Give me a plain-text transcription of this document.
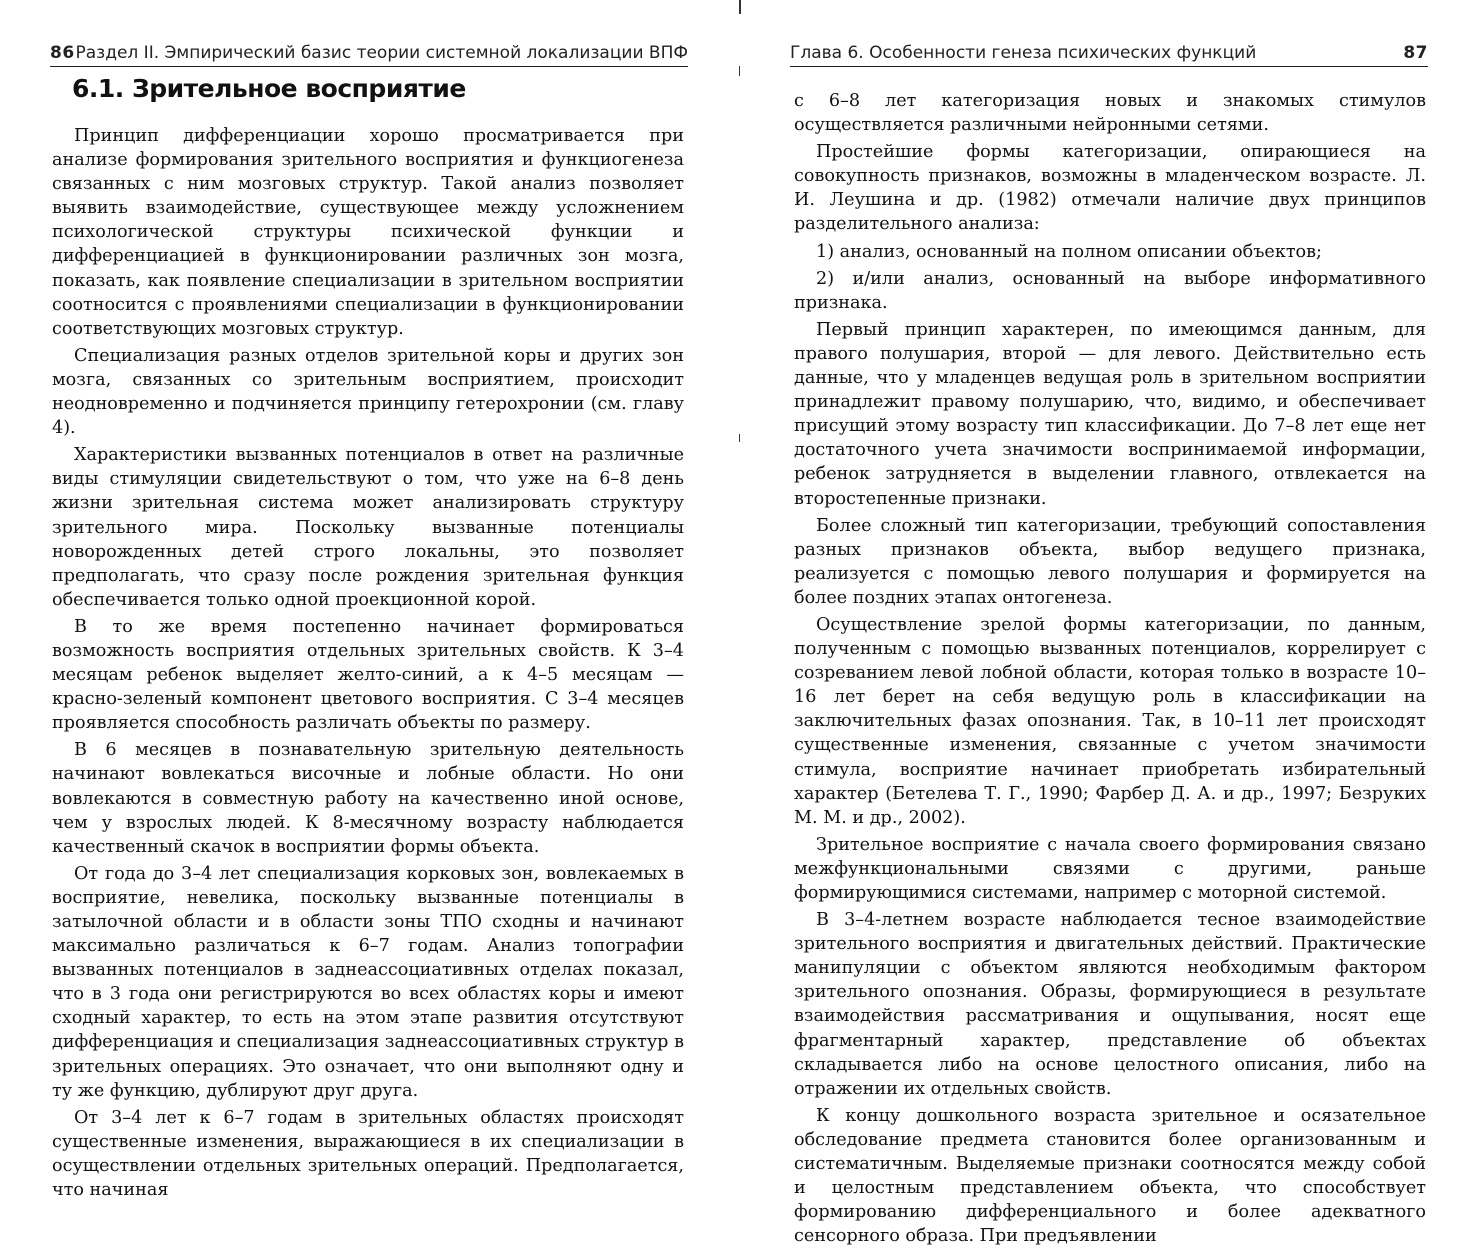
86 Раздел II. Эмпирический базис теории системной локализации ВПФ
6.1. Зрительное восприятие

Принцип дифференциации хорошо просматривается при анализе формирования зрительного восприятия и функциогенеза связанных с ним мозговых структур. Такой анализ позволяет выявить взаимодействие, существующее между усложнением психологической структуры психической функции и дифференциацией в функционировании различных зон мозга, показать, как появление специализации в зрительном восприятии соотносится с проявлениями специализации в функционировании соответствующих мозговых структур.

Специализация разных отделов зрительной коры и других зон мозга, связанных со зрительным восприятием, происходит неодновременно и подчиняется принципу гетерохронии (см. главу 4).

Характеристики вызванных потенциалов в ответ на различные виды стимуляции свидетельствуют о том, что уже на 6–8 день жизни зрительная система может анализировать структуру зрительного мира. Поскольку вызванные потенциалы новорожденных детей строго локальны, это позволяет предполагать, что сразу после рождения зрительная функция обеспечивается только одной проекционной корой.

В то же время постепенно начинает формироваться возможность восприятия отдельных зрительных свойств. К 3–4 месяцам ребенок выделяет желто-синий, а к 4–5 месяцам — красно-зеленый компонент цветового восприятия. С 3–4 месяцев проявляется способность различать объекты по размеру.

В 6 месяцев в познавательную зрительную деятельность начинают вовлекаться височные и лобные области. Но они вовлекаются в совместную работу на качественно иной основе, чем у взрослых людей. К 8-месячному возрасту наблюдается качественный скачок в восприятии формы объекта.

От года до 3–4 лет специализация корковых зон, вовлекаемых в восприятие, невелика, поскольку вызванные потенциалы в затылочной области и в области зоны ТПО сходны и начинают максимально различаться к 6–7 годам. Анализ топографии вызванных потенциалов в заднеассоциативных отделах показал, что в 3 года они регистрируются во всех областях коры и имеют сходный характер, то есть на этом этапе развития отсутствуют дифференциация и специализация заднеассоциативных структур в зрительных операциях. Это означает, что они выполняют одну и ту же функцию, дублируют друг друга.

От 3–4 лет к 6–7 годам в зрительных областях происходят существенные изменения, выражающиеся в их специализации в осуществлении отдельных зрительных операций. Предполагается, что начиная

Глава 6. Особенности генеза психических функций	87

с 6–8 лет категоризация новых и знакомых стимулов осуществляется различными нейронными сетями.

Простейшие формы категоризации, опирающиеся на совокупность признаков, возможны в младенческом возрасте. Л. И. Леушина и др. (1982) отмечали наличие двух принципов разделительного анализа:

1) анализ, основанный на полном описании объектов;

2) и/или анализ, основанный на выборе информативного признака.

Первый принцип характерен, по имеющимся данным, для правого полушария, второй — для левого. Действительно есть данные, что у младенцев ведущая роль в зрительном восприятии принадлежит правому полушарию, что, видимо, и обеспечивает присущий этому возрасту тип классификации. До 7–8 лет еще нет достаточного учета значимости воспринимаемой информации, ребенок затрудняется в выделении главного, отвлекается на второстепенные признаки.

Более сложный тип категоризации, требующий сопоставления разных признаков объекта, выбор ведущего признака, реализуется с помощью левого полушария и формируется на более поздних этапах онтогенеза.

Осуществление зрелой формы категоризации, по данным, полученным с помощью вызванных потенциалов, коррелирует с созреванием левой лобной области, которая только в возрасте 10–16 лет берет на себя ведущую роль в классификации на заключительных фазах опознания. Так, в 10–11 лет происходят существенные изменения, связанные с учетом значимости стимула, восприятие начинает приобретать избирательный характер (Бетелева Т. Г., 1990; Фарбер Д. А. и др., 1997; Безруких М. М. и др., 2002).

Зрительное восприятие с начала своего формирования связано межфункциональными связями с другими, раньше формирующимися системами, например с моторной системой.

В 3–4-летнем возрасте наблюдается тесное взаимодействие зрительного восприятия и двигательных действий. Практические манипуляции с объектом являются необходимым фактором зрительного опознания. Образы, формирующиеся в результате взаимодействия рассматривания и ощупывания, носят еще фрагментарный характер, представление об объектах складывается либо на основе целостного описания, либо на отражении их отдельных свойств.

К концу дошкольного возраста зрительное и осязательное обследование предмета становится более организованным и систематичным. Выделяемые признаки соотносятся между собой и целостным представлением объекта, что способствует формированию дифференциального и более адекватного сенсорного образа. При предъявлении
